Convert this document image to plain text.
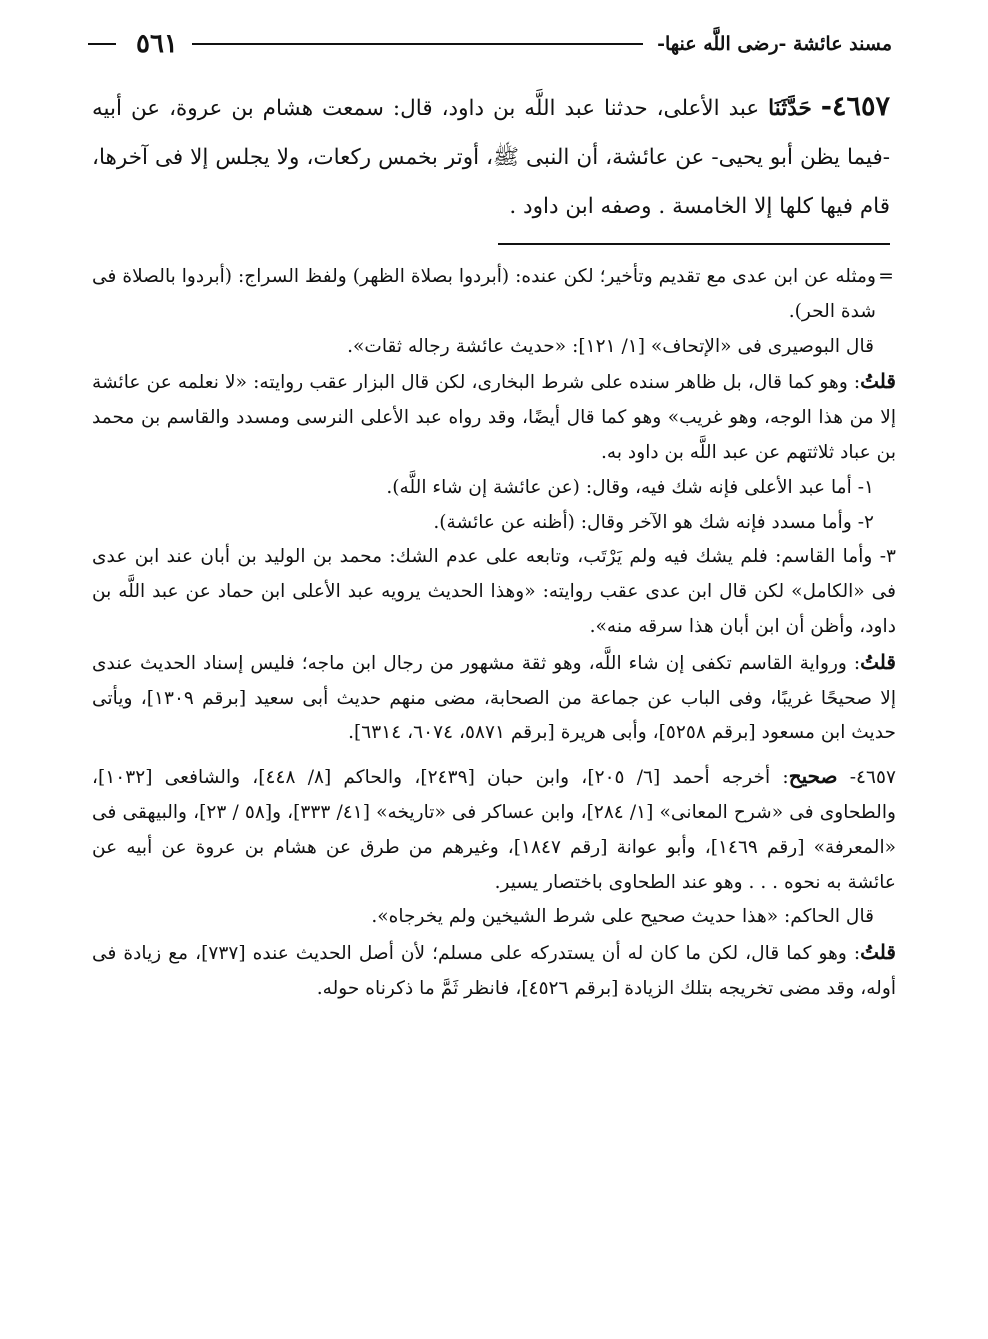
مسند عائشة -رضى اللَّه عنها-
٥٦١
٤٦٥٧- حَدَّثَنَا عبد الأعلى، حدثنا عبد اللَّه بن داود، قال: سمعت هشام بن عروة، عن أبيه -فيما يظن أبو يحيى- عن عائشة، أن النبى ﷺ، أوتر بخمس ركعات، ولا يجلس إلا فى آخرها، قام فيها كلها إلا الخامسة . وصفه ابن داود .
=
ومثله عن ابن عدى مع تقديم وتأخير؛ لكن عنده: (أبردوا بصلاة الظهر) ولفظ السراج: (أبردوا بالصلاة فى شدة الحر).

قال البوصيرى فى «الإتحاف» [١/ ١٢١]: «حديث عائشة رجاله ثقات».

قلتُ: وهو كما قال، بل ظاهر سنده على شرط البخارى، لكن قال البزار عقب روايته: «لا نعلمه عن عائشة إلا من هذا الوجه، وهو غريب» وهو كما قال أيضًا، وقد رواه عبد الأعلى النرسى ومسدد والقاسم بن محمد بن عباد ثلاثتهم عن عبد اللَّه بن داود به.

١- أما عبد الأعلى فإنه شك فيه، وقال: (عن عائشة إن شاء اللَّه).

٢- وأما مسدد فإنه شك هو الآخر وقال: (أظنه عن عائشة).

٣- وأما القاسم: فلم يشك فيه ولم يَرْتَب، وتابعه على عدم الشك: محمد بن الوليد بن أبان عند ابن عدى فى «الكامل» لكن قال ابن عدى عقب روايته: «وهذا الحديث يرويه عبد الأعلى ابن حماد عن عبد اللَّه بن داود، وأظن أن ابن أبان هذا سرقه منه».

قلتُ: ورواية القاسم تكفى إن شاء اللَّه، وهو ثقة مشهور من رجال ابن ماجه؛ فليس إسناد الحديث عندى إلا صحيحًا غريبًا، وفى الباب عن جماعة من الصحابة، مضى منهم حديث أبى سعيد [برقم ١٣٠٩]، ويأتى حديث ابن مسعود [برقم ٥٢٥٨]، وأبى هريرة [برقم ٥٨٧١، ٦٠٧٤، ٦٣١٤].

٤٦٥٧- صحيح: أخرجه أحمد [٦/ ٢٠٥]، وابن حبان [٢٤٣٩]، والحاكم [٨/ ٤٤٨]، والشافعى [١٠٣٢]، والطحاوى فى «شرح المعانى» [١/ ٢٨٤]، وابن عساكر فى «تاريخه» [٤١/ ٣٣٣]، و[٥٨ / ٢٣]، والبيهقى فى «المعرفة» [رقم ١٤٦٩]، وأبو عوانة [رقم ١٨٤٧]، وغيرهم من طرق عن هشام بن عروة عن أبيه عن عائشة به نحوه . . . وهو عند الطحاوى باختصار يسير.

قال الحاكم: «هذا حديث صحيح على شرط الشيخين ولم يخرجاه».

قلتُ: وهو كما قال، لكن ما كان له أن يستدركه على مسلم؛ لأن أصل الحديث عنده [٧٣٧]، مع زيادة فى أوله، وقد مضى تخريجه بتلك الزيادة [برقم ٤٥٢٦]، فانظر ثَمَّ ما ذكرناه حوله.
